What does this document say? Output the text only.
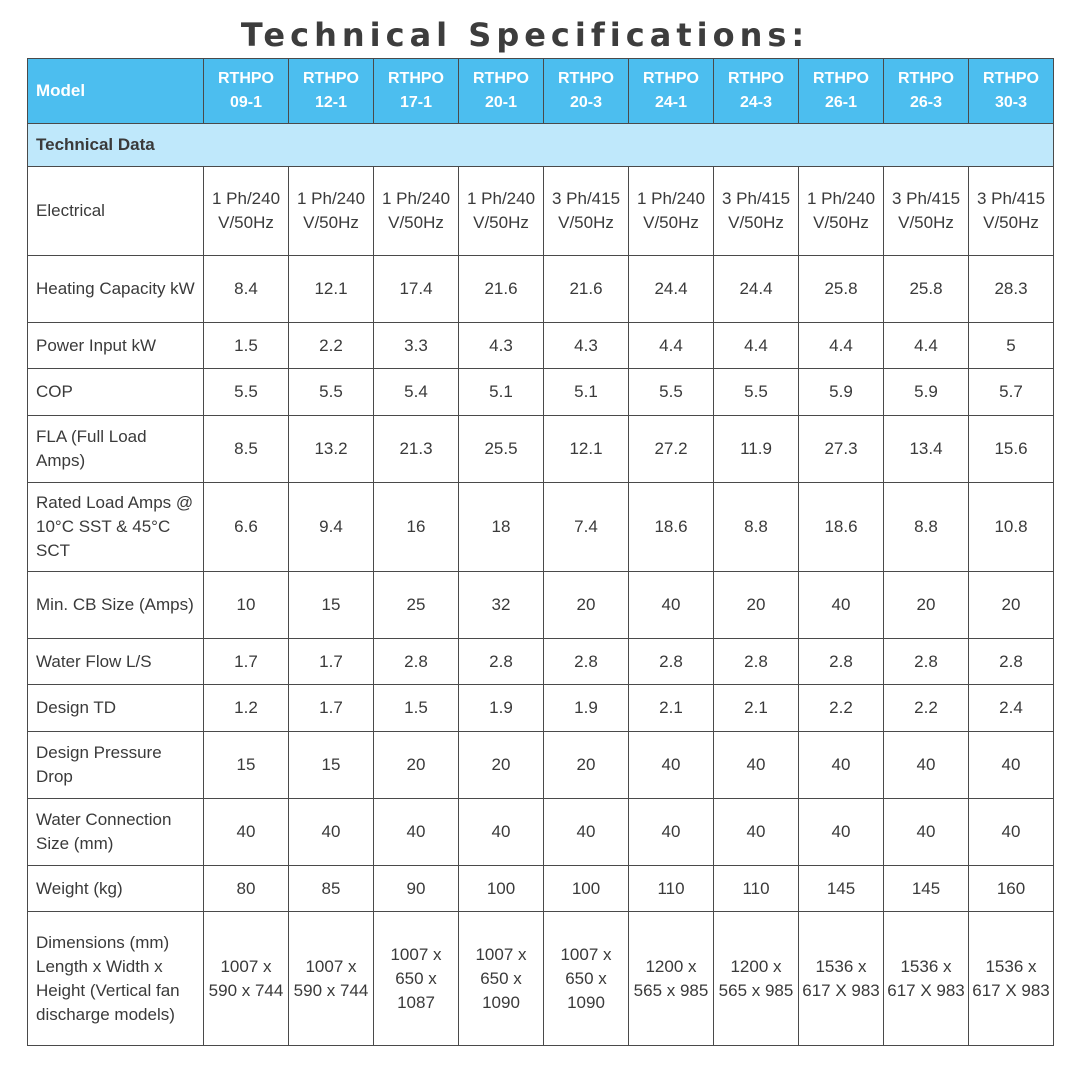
Technical Specifications:
Model	RTHPO 09-1	RTHPO 12-1	RTHPO 17-1	RTHPO 20-1	RTHPO 20-3	RTHPO 24-1	RTHPO 24-3	RTHPO 26-1	RTHPO 26-3	RTHPO 30-3
Technical Data										
Electrical	1 Ph/240 V/50Hz	1 Ph/240 V/50Hz	1 Ph/240 V/50Hz	1 Ph/240 V/50Hz	3 Ph/415 V/50Hz	1 Ph/240 V/50Hz	3 Ph/415 V/50Hz	1 Ph/240 V/50Hz	3 Ph/415 V/50Hz	3 Ph/415 V/50Hz
Heating Capacity kW	8.4	12.1	17.4	21.6	21.6	24.4	24.4	25.8	25.8	28.3
Power Input kW	1.5	2.2	3.3	4.3	4.3	4.4	4.4	4.4	4.4	5
COP	5.5	5.5	5.4	5.1	5.1	5.5	5.5	5.9	5.9	5.7
FLA (Full Load Amps)	8.5	13.2	21.3	25.5	12.1	27.2	11.9	27.3	13.4	15.6
Rated Load Amps @ 10°C SST & 45°C SCT	6.6	9.4	16	18	7.4	18.6	8.8	18.6	8.8	10.8
Min. CB Size (Amps)	10	15	25	32	20	40	20	40	20	20
Water Flow L/S	1.7	1.7	2.8	2.8	2.8	2.8	2.8	2.8	2.8	2.8
Design TD	1.2	1.7	1.5	1.9	1.9	2.1	2.1	2.2	2.2	2.4
Design Pressure Drop	15	15	20	20	20	40	40	40	40	40
Water Connection Size (mm)	40	40	40	40	40	40	40	40	40	40
Weight (kg)	80	85	90	100	100	110	110	145	145	160
Dimensions (mm) Length x Width x Height (Vertical fan discharge models)	1007 x 590 x 744	1007 x 590 x 744	1007 x 650 x 1087	1007 x 650 x 1090	1007 x 650 x 1090	1200 x 565 x 985	1200 x 565 x 985	1536 x 617 X 983	1536 x 617 X 983	1536 x 617 X 983
